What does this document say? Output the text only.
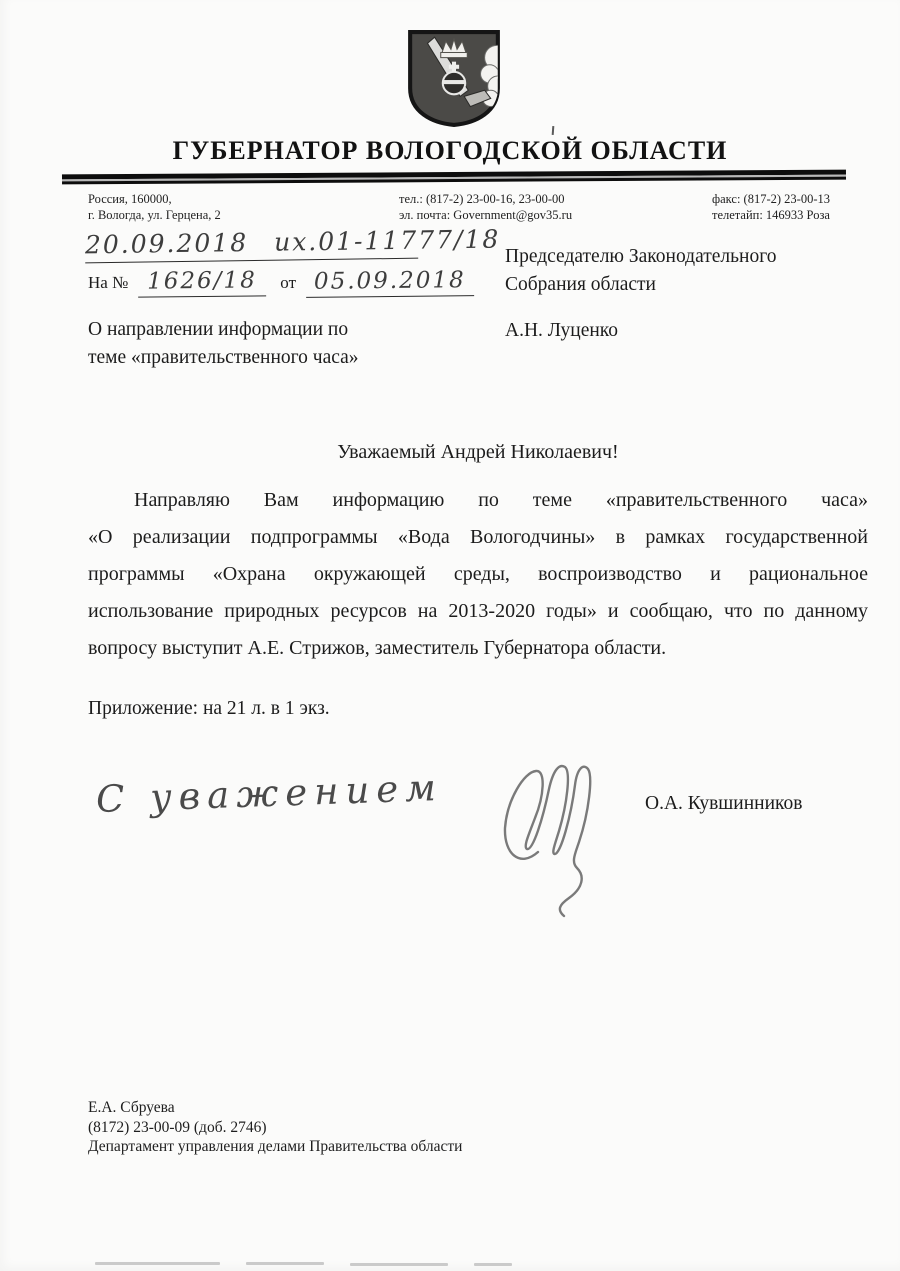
ГУБЕРНАТОР ВОЛОГОДСКОЙ ОБЛАСТИ
Россия, 160000,
г. Вологда, ул. Герцена, 2
тел.: (817-2) 23-00-16, 23-00-00
эл. почта: Government@gov35.ru
факс: (817-2) 23-00-13
телетайп: 146933 Роза
20.09.2018 их.01-11777/18
На № 1626/18	от 05.09.2018
Председателю Законодательного
Собрания области
А.Н. Луценко
О направлении информации по
теме «правительственного часа»
Уважаемый Андрей Николаевич!
Направляю Вам информацию по теме «правительственного часа»
«О реализации подпрограммы «Вода Вологодчины» в рамках государственной
программы «Охрана окружающей среды, воспроизводство и рациональное
использование природных ресурсов на 2013-2020 годы» и сообщаю, что по данному
вопросу выступит А.Е. Стрижов, заместитель Губернатора области.
Приложение: на 21 л. в 1 экз.
С уважением	О.А. Кувшинников
Е.А. Сбруева
(8172) 23-00-09 (доб. 2746)
Департамент управления делами Правительства области
